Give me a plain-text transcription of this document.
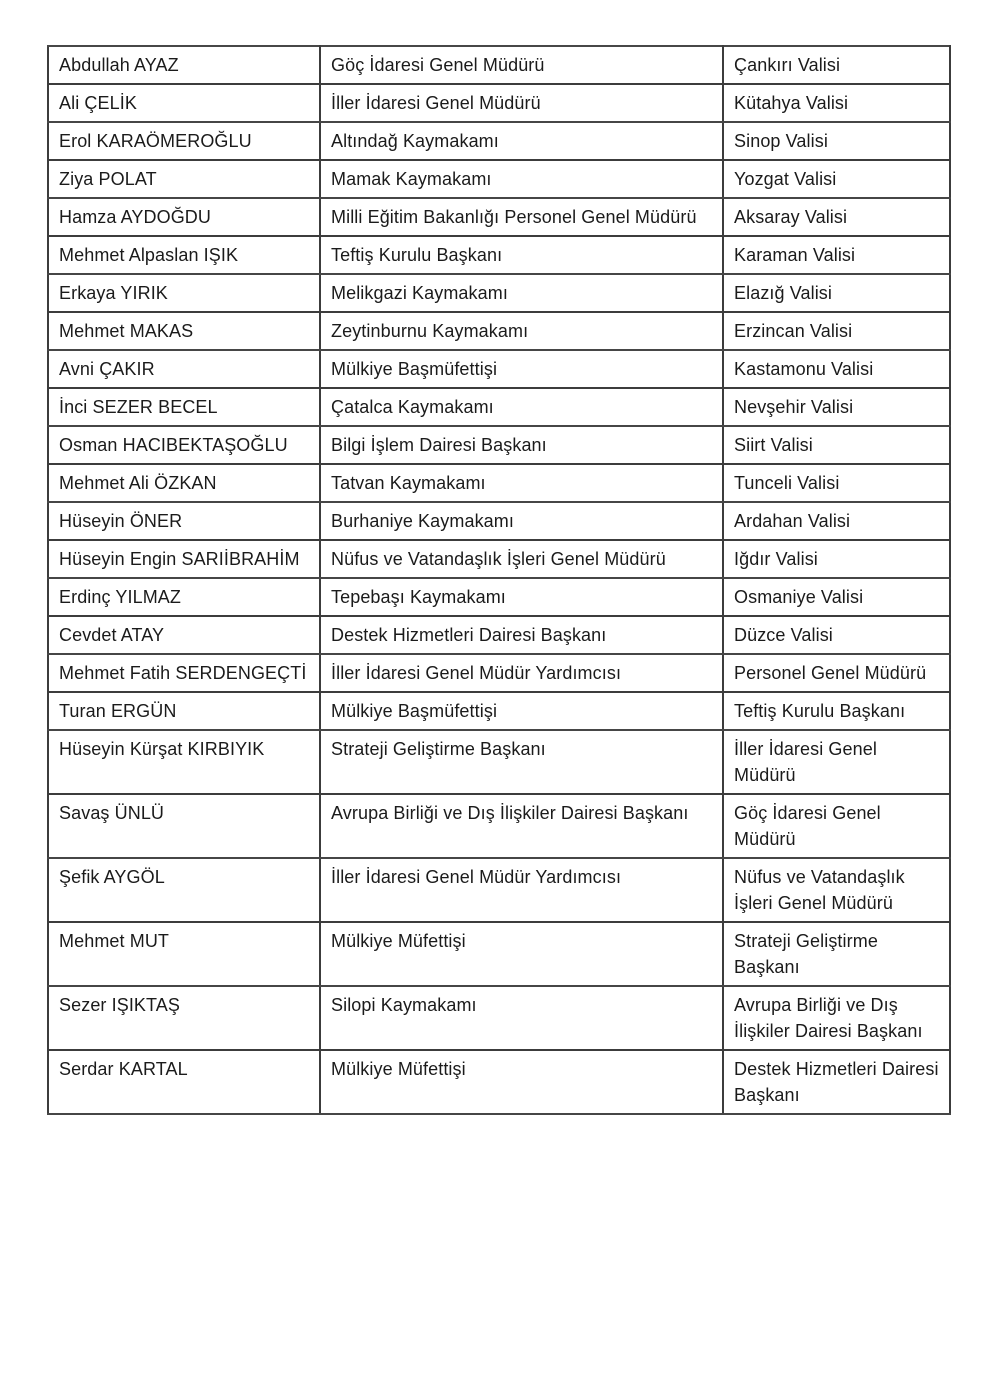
Abdullah AYAZ	Göç İdaresi Genel Müdürü	Çankırı Valisi
Ali ÇELİK	İller İdaresi Genel Müdürü	Kütahya Valisi
Erol KARAÖMEROĞLU	Altındağ Kaymakamı	Sinop Valisi
Ziya POLAT	Mamak Kaymakamı	Yozgat Valisi
Hamza AYDOĞDU	Milli Eğitim Bakanlığı Personel Genel Müdürü	Aksaray Valisi
Mehmet Alpaslan IŞIK	Teftiş Kurulu Başkanı	Karaman Valisi
Erkaya YIRIK	Melikgazi Kaymakamı	Elazığ Valisi
Mehmet MAKAS	Zeytinburnu Kaymakamı	Erzincan Valisi
Avni ÇAKIR	Mülkiye Başmüfettişi	Kastamonu Valisi
İnci SEZER BECEL	Çatalca Kaymakamı	Nevşehir Valisi
Osman HACIBEKTAŞOĞLU	Bilgi İşlem Dairesi Başkanı	Siirt Valisi
Mehmet Ali ÖZKAN	Tatvan Kaymakamı	Tunceli Valisi
Hüseyin ÖNER	Burhaniye Kaymakamı	Ardahan Valisi
Hüseyin Engin SARIİBRAHİM	Nüfus ve Vatandaşlık İşleri Genel Müdürü	Iğdır Valisi
Erdinç YILMAZ	Tepebaşı Kaymakamı	Osmaniye Valisi
Cevdet ATAY	Destek Hizmetleri Dairesi Başkanı	Düzce Valisi
Mehmet Fatih SERDENGEÇTİ	İller İdaresi Genel Müdür Yardımcısı	Personel Genel Müdürü
Turan ERGÜN	Mülkiye Başmüfettişi	Teftiş Kurulu Başkanı
Hüseyin Kürşat KIRBIYIK	Strateji Geliştirme Başkanı	İller İdaresi Genel Müdürü
Savaş ÜNLÜ	Avrupa Birliği ve Dış İlişkiler Dairesi Başkanı	Göç İdaresi Genel Müdürü
Şefik AYGÖL	İller İdaresi Genel Müdür Yardımcısı	Nüfus ve Vatandaşlık İşleri Genel Müdürü
Mehmet MUT	Mülkiye Müfettişi	Strateji Geliştirme Başkanı
Sezer IŞIKTAŞ	Silopi Kaymakamı	Avrupa Birliği ve Dış İlişkiler Dairesi Başkanı
Serdar KARTAL	Mülkiye Müfettişi	Destek Hizmetleri Dairesi Başkanı
